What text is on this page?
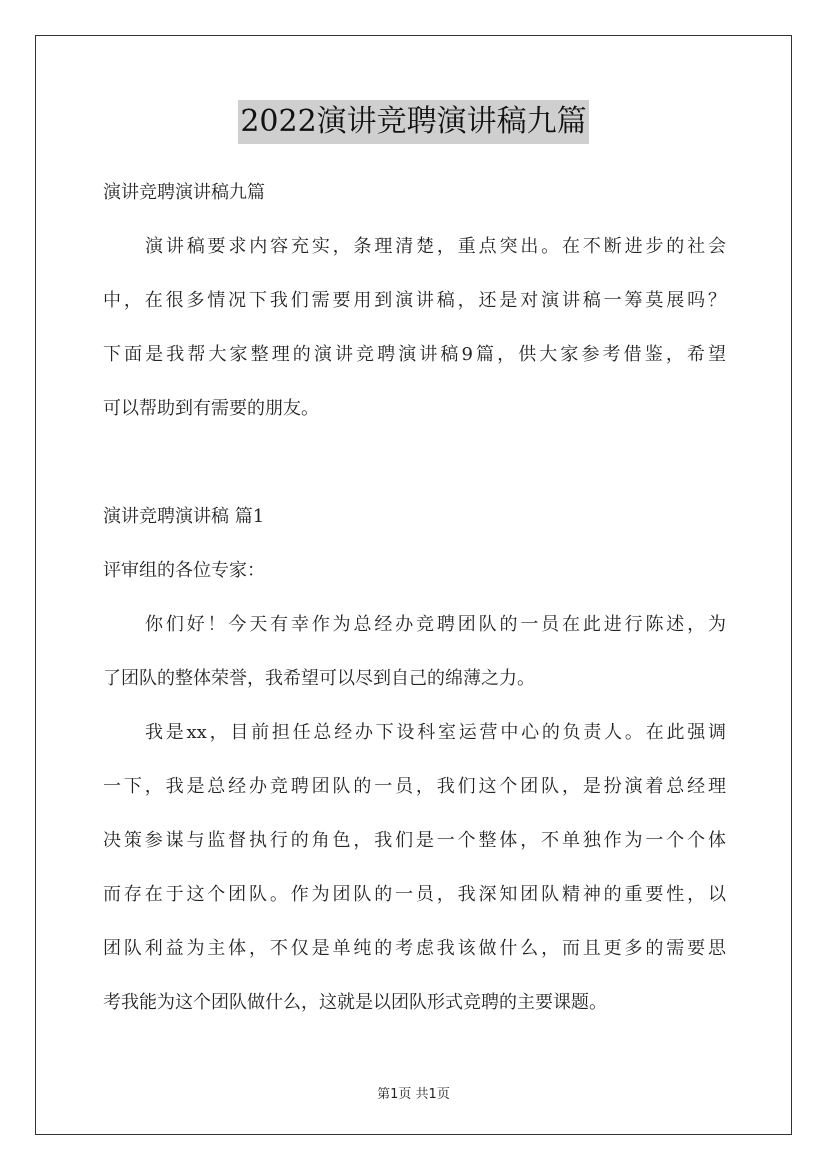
2022演讲竞聘演讲稿九篇
演讲竞聘演讲稿九篇
演讲稿要求内容充实，条理清楚，重点突出。在不断进步的社会
中，在很多情况下我们需要用到演讲稿，还是对演讲稿一筹莫展吗？
下面是我帮大家整理的演讲竞聘演讲稿9篇，供大家参考借鉴，希望
可以帮助到有需要的朋友。
演讲竞聘演讲稿 篇1
评审组的各位专家：
你们好！今天有幸作为总经办竞聘团队的一员在此进行陈述，为
了团队的整体荣誉，我希望可以尽到自己的绵薄之力。
我是xx，目前担任总经办下设科室运营中心的负责人。在此强调
一下，我是总经办竞聘团队的一员，我们这个团队，是扮演着总经理
决策参谋与监督执行的角色，我们是一个整体，不单独作为一个个体
而存在于这个团队。作为团队的一员，我深知团队精神的重要性，以
团队利益为主体，不仅是单纯的考虑我该做什么，而且更多的需要思
考我能为这个团队做什么，这就是以团队形式竞聘的主要课题。
第1页 共1页
